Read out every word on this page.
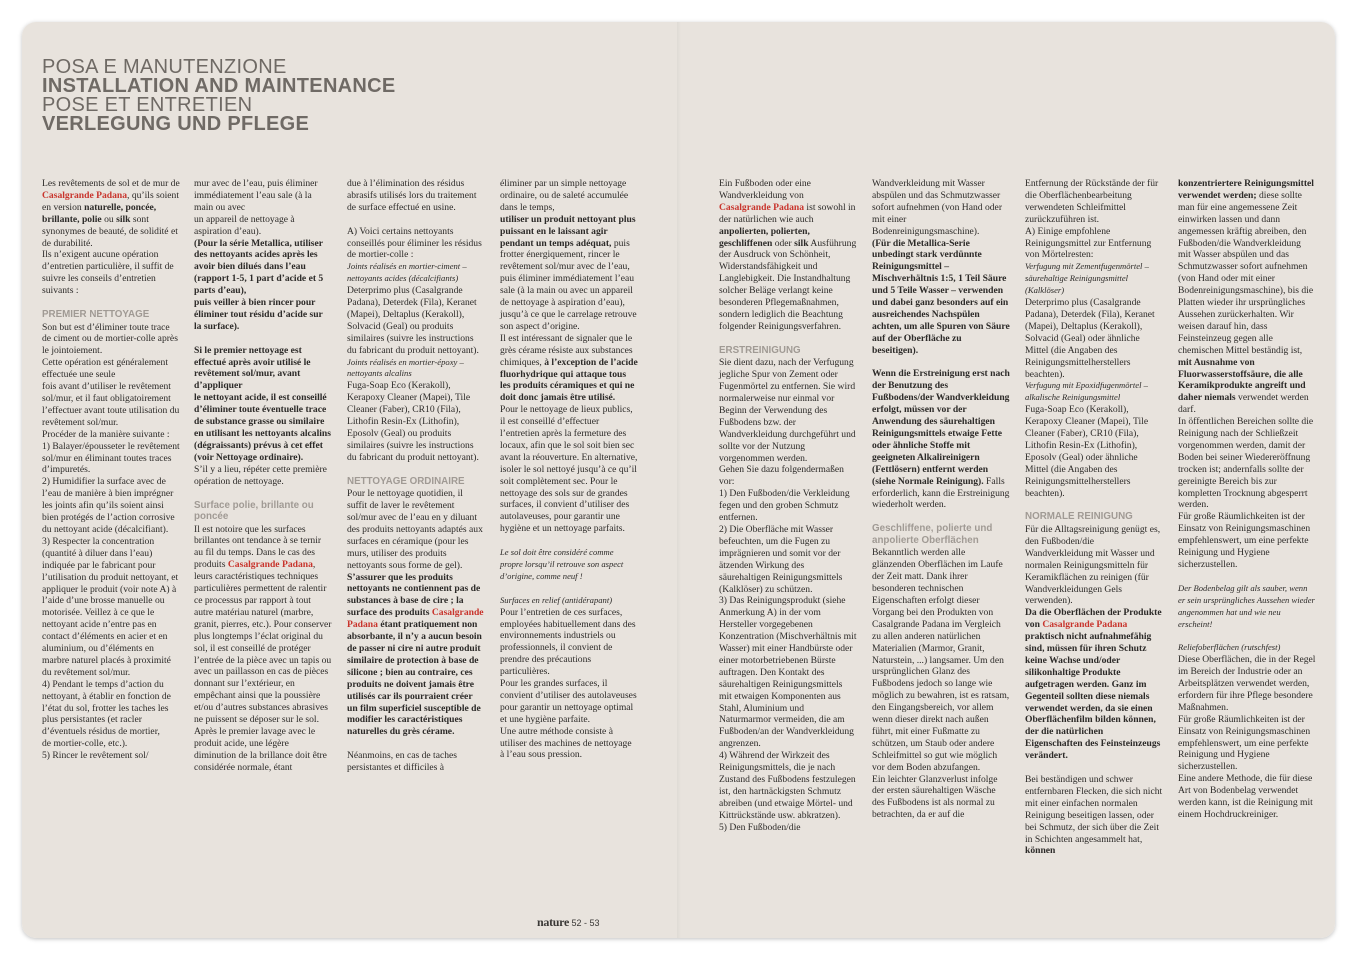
POSA E MANUTENZIONE
INSTALLATION AND MAINTENANCE
POSE ET ENTRETIEN
VERLEGUNG UND PFLEGE

Les revêtements de sol et de mur de Casalgrande Padana, qu’ils soient en version naturelle, poncée, brillante, polie ou silk sont synonymes de beauté, de solidité et de durabilité.

Ils n’exigent aucune opération d’entretien particulière, il suffit de suivre les conseils d’entretien suivants :

PREMIER NETTOYAGE

Son but est d’éliminer toute trace de ciment ou de mortier-colle après le jointoiement.

Cette opération est généralement effectuée une seule

fois avant d’utiliser le revêtement sol/mur, et il faut obligatoirement l’effectuer avant toute utilisation du revêtement sol/mur.

Procéder de la manière suivante :

1) Balayer/épousseter le revêtement sol/mur en éliminant toutes traces d’impuretés.

2) Humidifier la surface avec de l’eau de manière à bien imprégner les joints afin qu’ils soient ainsi bien protégés de l’action corrosive du nettoyant acide (décalcifiant).

3) Respecter la concentration (quantité à diluer dans l’eau) indiquée par le fabricant pour l’utilisation du produit nettoyant, et appliquer le produit (voir note A) à l’aide d’une brosse manuelle ou motorisée. Veillez à ce que le nettoyant acide n’entre pas en contact d’éléments en acier et en aluminium, ou d’éléments en marbre naturel placés à proximité du revêtement sol/mur.

4) Pendant le temps d’action du nettoyant, à établir en fonction de l’état du sol, frotter les taches les plus persistantes (et racler d’éventuels résidus de mortier,

de mortier-colle, etc.).

5) Rincer le revêtement sol/

mur avec de l’eau, puis éliminer immédiatement l’eau sale (à la main ou avec

un appareil de nettoyage à aspiration d’eau).

(Pour la série Metallica, utiliser des nettoyants acides après les avoir bien dilués dans l’eau (rapport 1-5, 1 part d’acide et 5 parts d’eau),

puis veiller à bien rincer pour éliminer tout résidu d’acide sur la surface).

Si le premier nettoyage est effectué après avoir utilisé le revêtement sol/mur, avant d’appliquer

le nettoyant acide, il est conseillé d’éliminer toute éventuelle trace de substance grasse ou similaire

en utilisant les nettoyants alcalins (dégraissants) prévus à cet effet (voir Nettoyage ordinaire).

S’il y a lieu, répéter cette première opération de nettoyage.

Surface polie, brillante ou poncée

Il est notoire que les surfaces brillantes ont tendance à se ternir au fil du temps. Dans le cas des produits Casalgrande Padana, leurs caractéristiques techniques particulières permettent de ralentir ce processus par rapport à tout autre matériau naturel (marbre, granit, pierres, etc.). Pour conserver plus longtemps l’éclat original du sol, il est conseillé de protéger l’entrée de la pièce avec un tapis ou avec un paillasson en cas de pièces donnant sur l’extérieur, en empêchant ainsi que la poussière et/ou d’autres substances abrasives ne puissent se déposer sur le sol.

Après le premier lavage avec le produit acide, une légère diminution de la brillance doit être considérée normale, étant

due à l’élimination des résidus abrasifs utilisés lors du traitement de surface effectué en usine.

A) Voici certains nettoyants conseillés pour éliminer les résidus de mortier-colle :

Joints réalisés en mortier-ciment – nettoyants acides (décalcifiants)

Deterprimo plus (Casalgrande Padana), Deterdek (Fila), Keranet (Mapei), Deltaplus (Kerakoll), Solvacid (Geal) ou produits similaires (suivre les instructions du fabricant du produit nettoyant).

Joints réalisés en mortier-époxy – nettoyants alcalins

Fuga-Soap Eco (Kerakoll), Kerapoxy Cleaner (Mapei), Tile Cleaner (Faber), CR10 (Fila), Lithofin Resin-Ex (Lithofin), Eposolv (Geal) ou produits similaires (suivre les instructions du fabricant du produit nettoyant).

NETTOYAGE ORDINAIRE

Pour le nettoyage quotidien, il suffit de laver le revêtement sol/mur avec de l’eau en y diluant des produits nettoyants adaptés aux surfaces en céramique (pour les murs, utiliser des produits nettoyants sous forme de gel).

S’assurer que les produits nettoyants ne contiennent pas de substances à base de cire ; la surface des produits Casalgrande Padana étant pratiquement non absorbante, il n’y a aucun besoin de passer ni cire ni autre produit similaire de protection à base de silicone ; bien au contraire, ces produits ne doivent jamais être utilisés car ils pourraient créer un film superficiel susceptible de modifier les caractéristiques naturelles du grès cérame.

Néanmoins, en cas de taches persistantes et difficiles à

éliminer par un simple nettoyage ordinaire, ou de saleté accumulée dans le temps,

utiliser un produit nettoyant plus puissant en le laissant agir pendant un temps adéquat, puis frotter énergiquement, rincer le revêtement sol/mur avec de l’eau, puis éliminer immédiatement l’eau sale (à la main ou avec un appareil de nettoyage à aspiration d’eau), jusqu’à ce que le carrelage retrouve son aspect d’origine.

Il est intéressant de signaler que le grès cérame résiste aux substances chimiques, à l’exception de l’acide fluorhydrique qui attaque tous les produits céramiques et qui ne doit donc jamais être utilisé.

Pour le nettoyage de lieux publics, il est conseillé d’effectuer l’entretien après la fermeture des locaux, afin que le sol soit bien sec avant la réouverture. En alternative, isoler le sol nettoyé jusqu’à ce qu’il soit complètement sec. Pour le nettoyage des sols sur de grandes surfaces, il convient d’utiliser des autolaveuses, pour garantir une hygiène et un nettoyage parfaits.

Le sol doit être considéré comme propre lorsqu’il retrouve son aspect d’origine, comme neuf !

Surfaces en relief (antidérapant)

Pour l’entretien de ces surfaces, employées habituellement dans des environnements industriels ou professionnels, il convient de prendre des précautions particulières.

Pour les grandes surfaces, il convient d’utiliser des autolaveuses pour garantir un nettoyage optimal et une hygiène parfaite.

Une autre méthode consiste à utiliser des machines de nettoyage à l’eau sous pression.

Ein Fußboden oder eine Wandverkleidung von Casalgrande Padana ist sowohl in der natürlichen wie auch anpolierten, polierten, geschliffenen oder silk Ausführung der Ausdruck von Schönheit, Widerstandsfähigkeit und Langlebigkeit. Die Instandhaltung solcher Beläge verlangt keine besonderen Pflegemaßnahmen, sondern lediglich die Beachtung folgender Reinigungsverfahren.

ERSTREINIGUNG

Sie dient dazu, nach der Verfugung jegliche Spur von Zement oder Fugenmörtel zu entfernen. Sie wird normalerweise nur einmal vor Beginn der Verwendung des Fußbodens bzw. der Wandverkleidung durchgeführt und sollte vor der Nutzung vorgenommen werden.

Gehen Sie dazu folgendermaßen vor:

1) Den Fußboden/die Verkleidung fegen und den groben Schmutz entfernen.

2) Die Oberfläche mit Wasser befeuchten, um die Fugen zu imprägnieren und somit vor der ätzenden Wirkung des säurehaltigen Reinigungsmittels (Kalklöser) zu schützen.

3) Das Reinigungsprodukt (siehe Anmerkung A) in der vom Hersteller vorgegebenen Konzentration (Mischverhältnis mit Wasser) mit einer Handbürste oder einer motorbetriebenen Bürste auftragen. Den Kontakt des säurehaltigen Reinigungsmittels mit etwaigen Komponenten aus Stahl, Aluminium und Naturmarmor vermeiden, die am Fußboden/an der Wandverkleidung angrenzen.

4) Während der Wirkzeit des Reinigungsmittels, die je nach Zustand des Fußbodens festzulegen ist, den hartnäckigsten Schmutz abreiben (und etwaige Mörtel- und Kittrückstände usw. abkratzen).

5) Den Fußboden/die

Wandverkleidung mit Wasser abspülen und das Schmutzwasser sofort aufnehmen (von Hand oder mit einer Bodenreinigungsmaschine).

(Für die Metallica-Serie unbedingt stark verdünnte Reinigungsmittel – Mischverhältnis 1:5, 1 Teil Säure und 5 Teile Wasser – verwenden und dabei ganz besonders auf ein ausreichendes Nachspülen achten, um alle Spuren von Säure auf der Oberfläche zu beseitigen).

Wenn die Erstreinigung erst nach der Benutzung des Fußbodens/der Wandverkleidung erfolgt, müssen vor der Anwendung des säurehaltigen Reinigungsmittels etwaige Fette oder ähnliche Stoffe mit geeigneten Alkalireinigern (Fettlösern) entfernt werden (siehe Normale Reinigung). Falls erforderlich, kann die Erstreinigung wiederholt werden.

Geschliffene, polierte und anpolierte Oberflächen

Bekanntlich werden alle glänzenden Oberflächen im Laufe der Zeit matt. Dank ihrer besonderen technischen Eigenschaften erfolgt dieser Vorgang bei den Produkten von Casalgrande Padana im Vergleich zu allen anderen natürlichen Materialien (Marmor, Granit, Naturstein, ...) langsamer. Um den ursprünglichen Glanz des Fußbodens jedoch so lange wie möglich zu bewahren, ist es ratsam, den Eingangsbereich, vor allem wenn dieser direkt nach außen führt, mit einer Fußmatte zu schützen, um Staub oder andere Schleifmittel so gut wie möglich vor dem Boden abzufangen.

Ein leichter Glanzverlust infolge der ersten säurehaltigen Wäsche des Fußbodens ist als normal zu betrachten, da er auf die

Entfernung der Rückstände der für die Oberflächenbearbeitung verwendeten Schleifmittel zurückzuführen ist.

A) Einige empfohlene Reinigungsmittel zur Entfernung von Mörtelresten:

Verfugung mit Zementfugenmörtel – säurehaltige Reinigungsmittel (Kalklöser)

Deterprimo plus (Casalgrande Padana), Deterdek (Fila), Keranet (Mapei), Deltaplus (Kerakoll), Solvacid (Geal) oder ähnliche Mittel (die Angaben des Reinigungsmittelherstellers beachten).

Verfugung mit Epoxidfugenmörtel – alkalische Reinigungsmittel

Fuga-Soap Eco (Kerakoll), Kerapoxy Cleaner (Mapei), Tile Cleaner (Faber), CR10 (Fila), Lithofin Resin-Ex (Lithofin), Eposolv (Geal) oder ähnliche Mittel (die Angaben des Reinigungsmittelherstellers beachten).

NORMALE REINIGUNG

Für die Alltagsreinigung genügt es, den Fußboden/die Wandverkleidung mit Wasser und normalen Reinigungsmitteln für Keramikflächen zu reinigen (für Wandverkleidungen Gels verwenden).

Da die Oberflächen der Produkte von Casalgrande Padana praktisch nicht aufnahmefähig sind, müssen für ihren Schutz keine Wachse und/oder silikonhaltige Produkte aufgetragen werden. Ganz im Gegenteil sollten diese niemals verwendet werden, da sie einen Oberflächenfilm bilden können, der die natürlichen Eigenschaften des Feinsteinzeugs verändert.

Bei beständigen und schwer entfernbaren Flecken, die sich nicht mit einer einfachen normalen Reinigung beseitigen lassen, oder bei Schmutz, der sich über die Zeit in Schichten angesammelt hat, können

konzentriertere Reinigungsmittel verwendet werden; diese sollte man für eine angemessene Zeit einwirken lassen und dann angemessen kräftig abreiben, den Fußboden/die Wandverkleidung mit Wasser abspülen und das Schmutzwasser sofort aufnehmen (von Hand oder mit einer Bodenreinigungsmaschine), bis die Platten wieder ihr ursprüngliches Aussehen zurückerhalten. Wir weisen darauf hin, dass Feinsteinzeug gegen alle chemischen Mittel beständig ist, mit Ausnahme von Fluorwasserstoffsäure, die alle Keramikprodukte angreift und daher niemals verwendet werden darf.

In öffentlichen Bereichen sollte die Reinigung nach der Schließzeit vorgenommen werden, damit der Boden bei seiner Wiedereröffnung trocken ist; andernfalls sollte der gereinigte Bereich bis zur kompletten Trocknung abgesperrt werden.

Für große Räumlichkeiten ist der Einsatz von Reinigungsmaschinen empfehlenswert, um eine perfekte Reinigung und Hygiene sicherzustellen.

Der Bodenbelag gilt als sauber, wenn er sein ursprüngliches Aussehen wieder angenommen hat und wie neu erscheint!

Reliefoberflächen (rutschfest)

Diese Oberflächen, die in der Regel im Bereich der Industrie oder an Arbeitsplätzen verwendet werden, erfordern für ihre Pflege besondere Maßnahmen.

Für große Räumlichkeiten ist der Einsatz von Reinigungsmaschinen empfehlenswert, um eine perfekte Reinigung und Hygiene sicherzustellen.

Eine andere Methode, die für diese Art von Bodenbelag verwendet werden kann, ist die Reinigung mit einem Hochdruckreiniger.

nature 52 - 53
